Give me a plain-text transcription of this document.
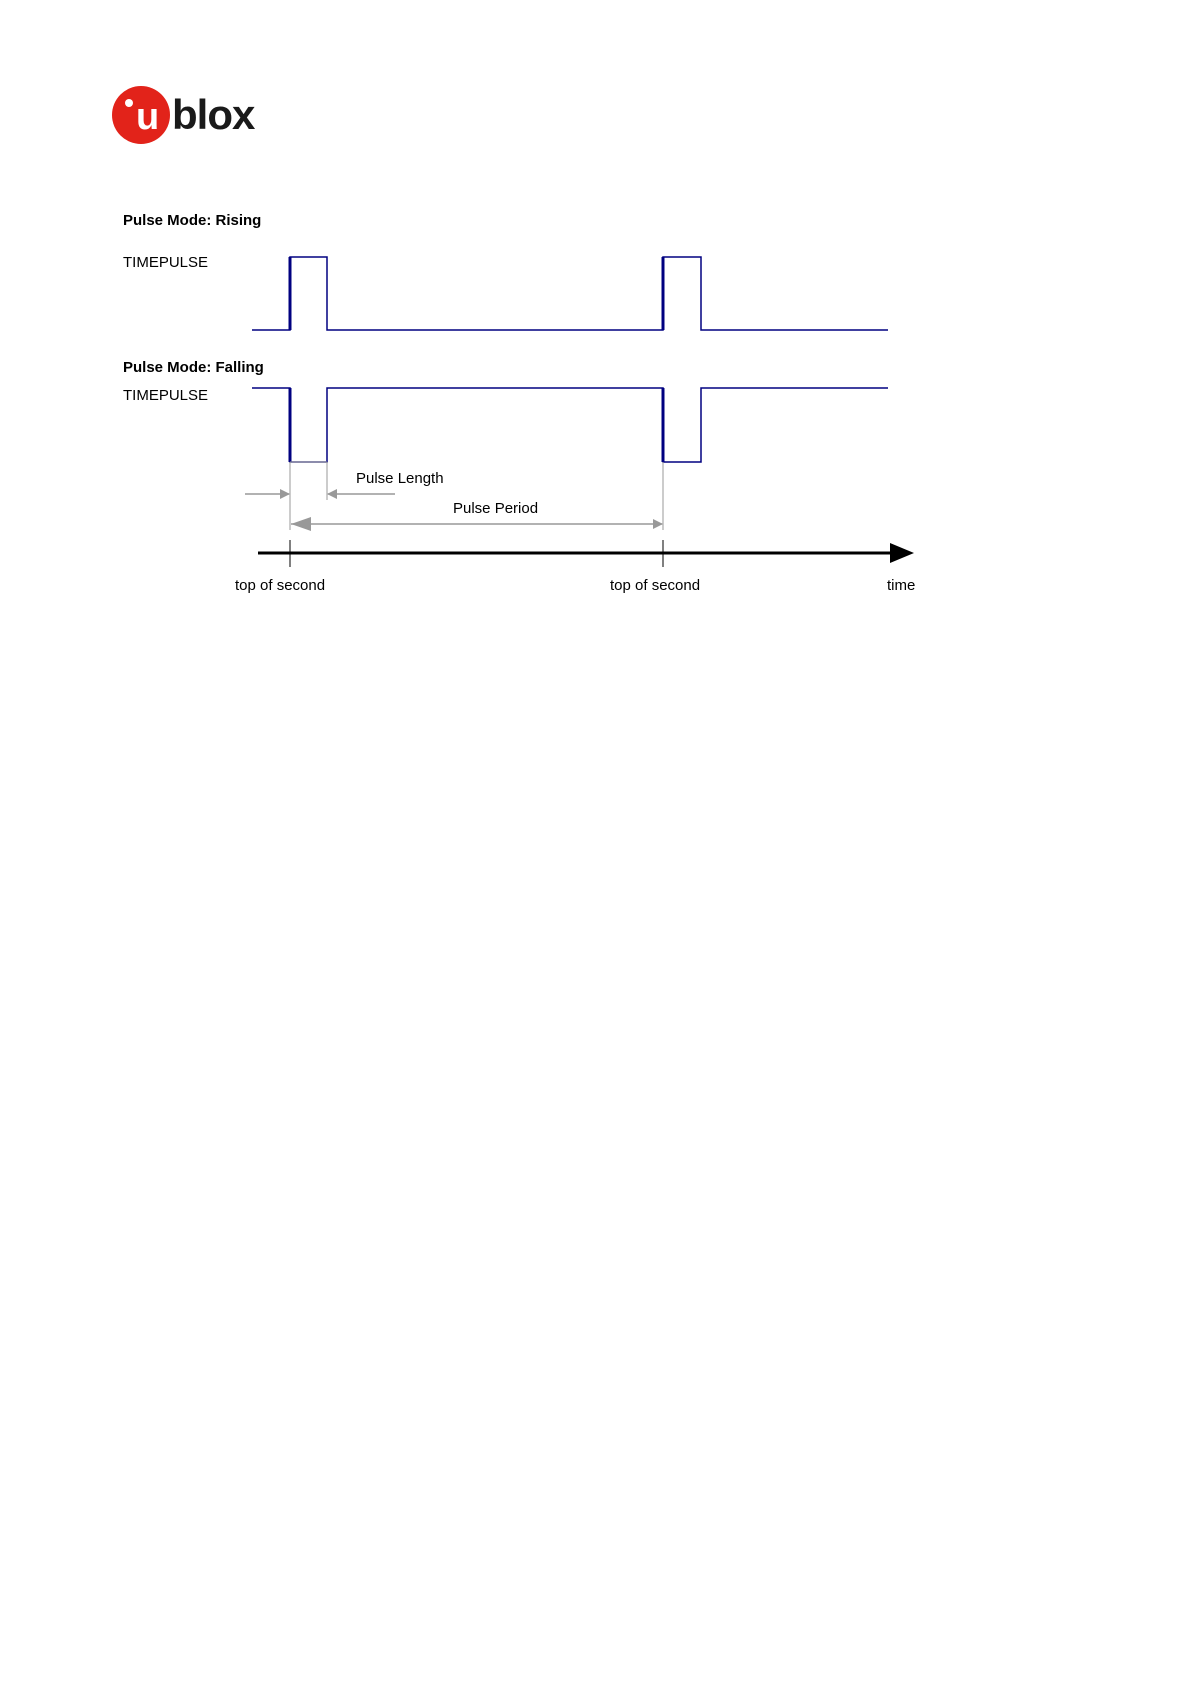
u blox
Pulse Mode: Rising
TIMEPULSE
Pulse Mode: Falling
TIMEPULSE
Pulse Length
Pulse Period
top of second	top of second	time
